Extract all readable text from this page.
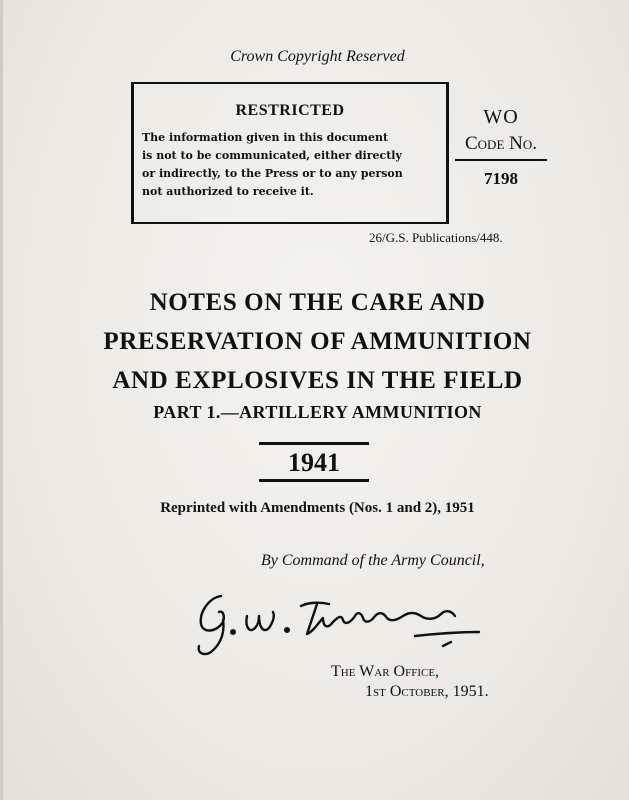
Crown Copyright Reserved
RESTRICTED
The information given in this document
is not to be communicated, either directly
or indirectly, to the Press or to any person
not authorized to receive it.
WO
Code No.
7198
26/G.S. Publications/448.
NOTES ON THE CARE AND
PRESERVATION OF AMMUNITION
AND EXPLOSIVES IN THE FIELD
PART 1.—ARTILLERY AMMUNITION
1941
Reprinted with Amendments (Nos. 1 and 2), 1951
By Command of the Army Council,
The War Office,
1st October, 1951.
